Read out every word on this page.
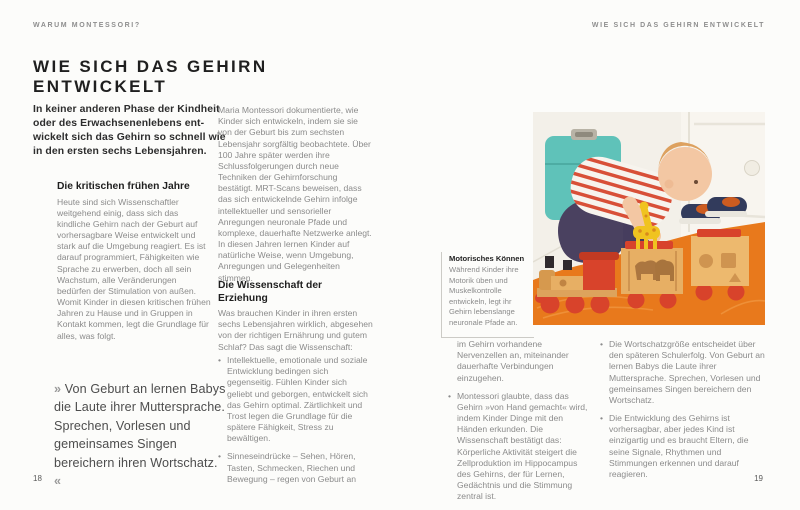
WARUM MONTESSORI?
WIE SICH DAS GEHIRN
ENTWICKELT
In keiner anderen Phase der Kindheit oder des Erwachsenenlebens entwickelt sich das Gehirn so schnell wie in den ersten sechs Lebensjahren.
Die kritischen frühen Jahre

Heute sind sich Wissenschaftler weitgehend einig, dass sich das kindliche Gehirn nach der Geburt auf vorhersagbare Weise entwickelt und stark auf die Umgebung reagiert. Es ist darauf programmiert, Fähigkeiten wie Sprache zu erwerben, doch all sein Wachstum, alle Veränderungen bedürfen der Stimulation von außen. Womit Kinder in diesen kritischen frühen Jahren zu Hause und in Gruppen in Kontakt kommen, legt die Grundlage für alles, was folgt.

» Von Geburt an lernen Babys die Laute ihrer Muttersprache. Sprechen, Vorlesen und gemeinsames Singen bereichern ihren Wortschatz. «
18

Maria Montessori dokumentierte, wie Kinder sich entwickeln, indem sie sie von der Geburt bis zum sechsten Lebensjahr sorgfältig beobachtete. Über 100 Jahre später werden ihre Schlussfolgerungen durch neue Techniken der Gehirnforschung bestätigt. MRT-Scans beweisen, dass das sich entwickelnde Gehirn infolge intellektueller und sensorieller Anregungen neuronale Pfade und komplexe, dauerhafte Netzwerke anlegt. In diesen Jahren lernen Kinder auf natürliche Weise, wenn Umgebung, Anregungen und Gelegenheiten stimmen.

Die Wissenschaft der
Erziehung

Was brauchen Kinder in ihren ersten sechs Lebensjahren wirklich, abgesehen von der richtigen Ernährung und gutem Schlaf? Das sagt die Wissenschaft:

• Intellektuelle, emotionale und soziale Entwicklung bedingen sich gegenseitig. Fühlen Kinder sich geliebt und geborgen, entwickelt sich das Gehirn optimal. Zärtlichkeit und Trost legen die Grundlage für die spätere Fähigkeit, Stress zu bewältigen.
• Sinneseindrücke – Sehen, Hören, Tasten, Schmecken, Riechen und Bewegung – regen von Geburt an
WIE SICH DAS GEHIRN ENTWICKELT

Motorisches Können

Während Kinder ihre Motorik üben und Muskelkontrolle entwickeln, legt ihr Gehirn lebenslange neuronale Pfade an.

im Gehirn vorhandene Nervenzellen an, miteinander dauerhafte Verbindungen einzugehen.

• Montessori glaubte, dass das Gehirn »von Hand gemacht« wird, indem Kinder Dinge mit den Händen erkunden. Die Wissenschaft bestätigt das: Körperliche Aktivität steigert die Zellproduktion im Hippocampus des Gehirns, der für Lernen, Gedächtnis und die Stimmung zentral ist.
• Die Wortschatzgröße entscheidet über den späteren Schulerfolg. Von Geburt an lernen Babys die Laute ihrer Muttersprache. Sprechen, Vorlesen und gemeinsames Singen bereichern den Wortschatz.
• Die Entwicklung des Gehirns ist vorhersagbar, aber jedes Kind ist einzigartig und es braucht Eltern, die seine Signale, Rhythmen und Stimmungen erkennen und darauf reagieren.	19
